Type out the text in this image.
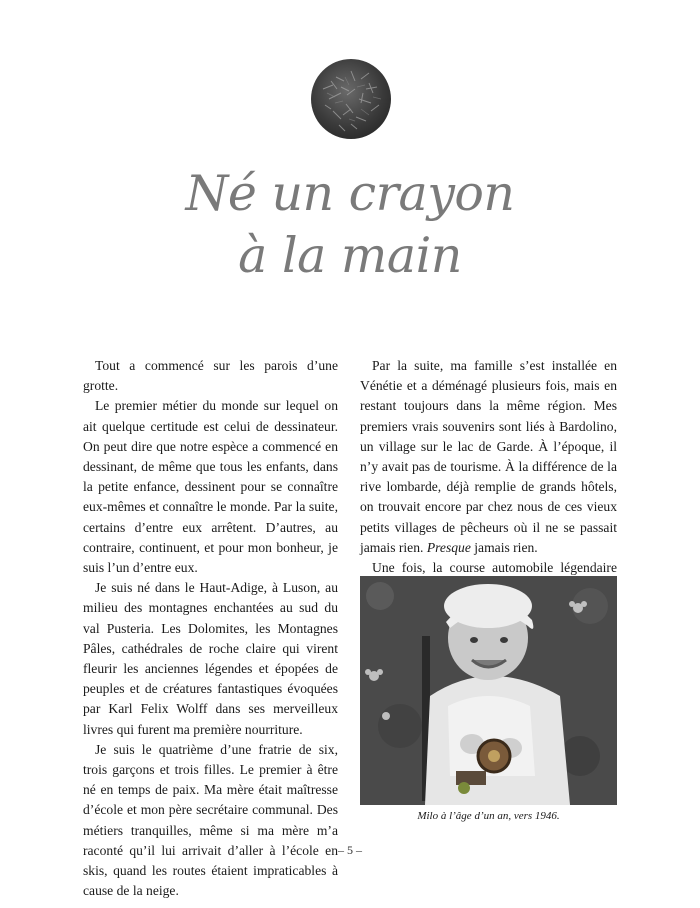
Né un crayon
à la main

Tout a commencé sur les parois d’une grotte.

Le premier métier du monde sur lequel on ait quelque certitude est celui de dessinateur. On peut dire que notre espèce a commencé en dessinant, de même que tous les enfants, dans la petite enfance, dessinent pour se connaître eux-mêmes et connaître le monde. Par la suite, certains d’entre eux arrêtent. D’autres, au contraire, continuent, et pour mon bonheur, je suis l’un d’entre eux.

Je suis né dans le Haut-Adige, à Luson, au milieu des montagnes enchantées au sud du val Pusteria. Les Dolomites, les Montagnes Pâles, cathédrales de roche claire qui virent fleurir les anciennes légendes et épopées de peuples et de créatures fantastiques évoquées par Karl Felix Wolff dans ses merveilleux livres qui furent ma première nourriture.

Je suis le quatrième d’une fratrie de six, trois garçons et trois filles. Le premier à être né en temps de paix. Ma mère était maîtresse d’école et mon père secrétaire communal. Des métiers tranquilles, même si ma mère m’a raconté qu’il lui arrivait d’aller à l’école en skis, quand les routes étaient impraticables à cause de la neige.

Par la suite, ma famille s’est installée en Vénétie et a déménagé plusieurs fois, mais en restant toujours dans la même région. Mes premiers vrais souvenirs sont liés à Bardolino, un village sur le lac de Garde. À l’époque, il n’y avait pas de tourisme. À la différence de la rive lombarde, déjà remplie de grands hôtels, on trouvait encore par chez nous de ces vieux petits villages de pêcheurs où il ne se passait jamais rien. Presque jamais rien.

Une fois, la course automobile légendaire

Milo à l’âge d’un an, vers 1946.
– 5 –
